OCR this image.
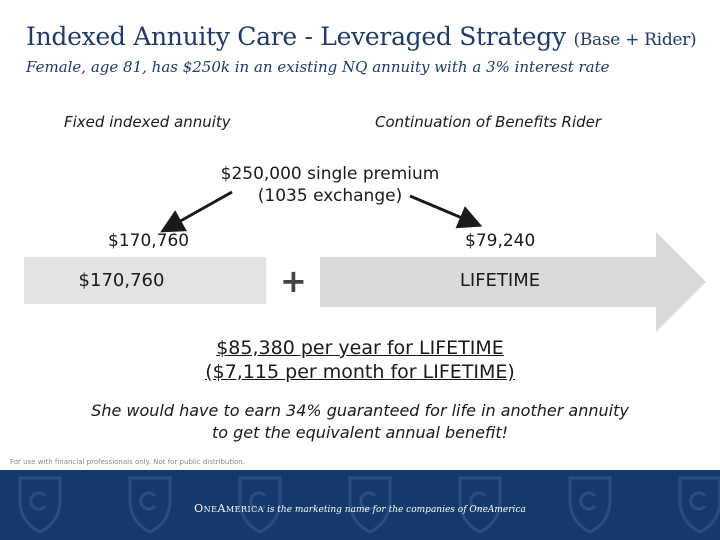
Indexed Annuity Care - Leveraged Strategy (Base + Rider)
Female, age 81, has $250k in an existing NQ annuity with a 3% interest rate
Fixed indexed annuity	Continuation of Benefits Rider
$250,000 single premium
(1035 exchange)
$170,760	$79,240
$170,760	+	LIFETIME
$85,380 per year for LIFETIME
($7,115 per month for LIFETIME)
She would have to earn 34% guaranteed for life in another annuity
to get the equivalent annual benefit!
For use with financial professionals only. Not for public distribution.
OneAmerica is the marketing name for the companies of OneAmerica
